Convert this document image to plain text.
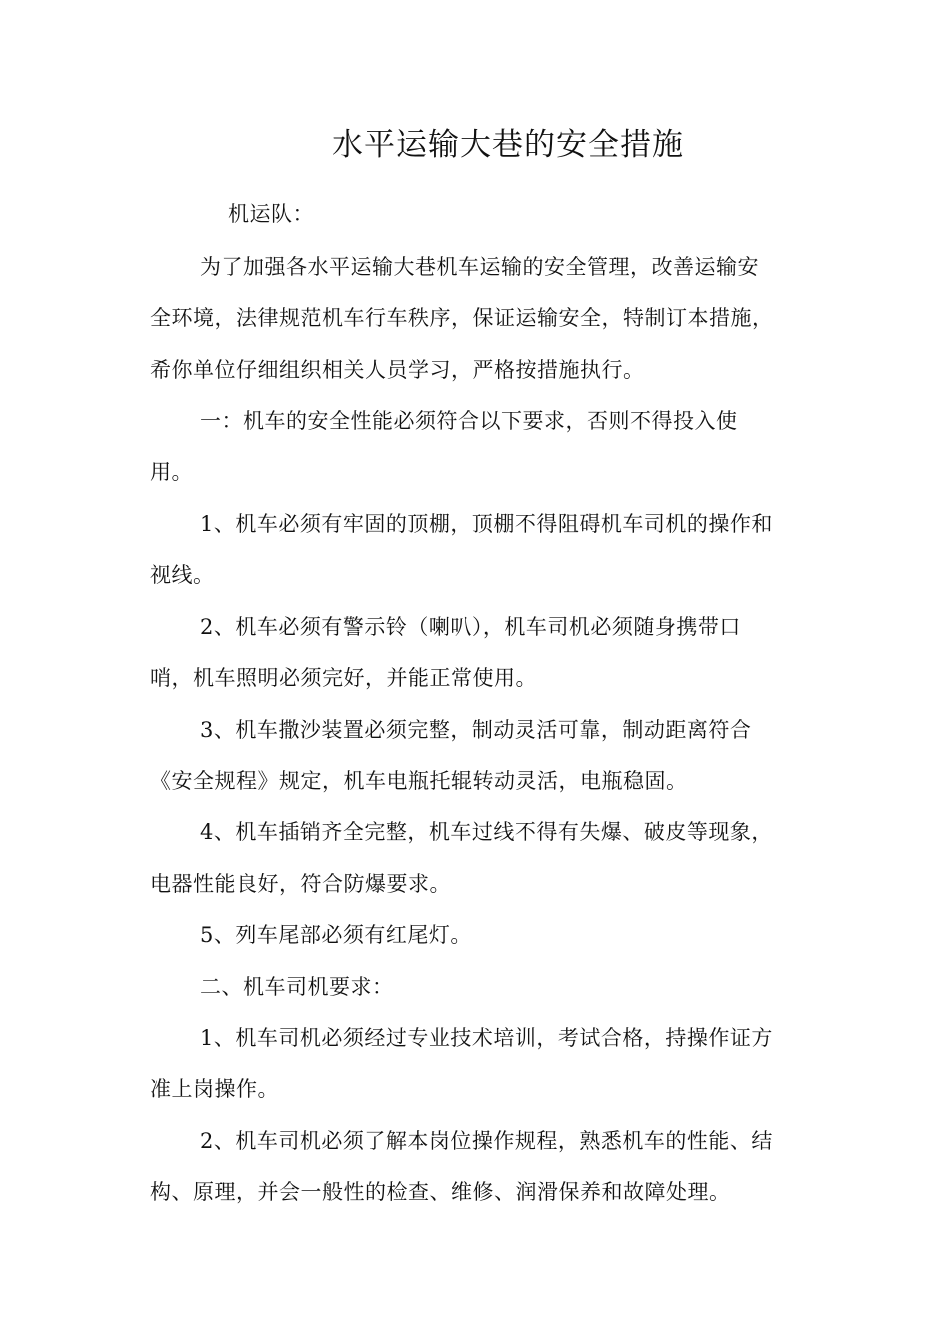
水平运输大巷的安全措施
机运队：
为了加强各水平运输大巷机车运输的安全管理，改善运输安
全环境，法律规范机车行车秩序，保证运输安全，特制订本措施，
希你单位仔细组织相关人员学习，严格按措施执行。
一：机车的安全性能必须符合以下要求，否则不得投入使
用。
1、机车必须有牢固的顶棚，顶棚不得阻碍机车司机的操作和
视线。
2、机车必须有警示铃（喇叭），机车司机必须随身携带口
哨，机车照明必须完好，并能正常使用。
3、机车撒沙装置必须完整，制动灵活可靠，制动距离符合
《安全规程》规定，机车电瓶托辊转动灵活，电瓶稳固。
4、机车插销齐全完整，机车过线不得有失爆、破皮等现象，
电器性能良好，符合防爆要求。
5、列车尾部必须有红尾灯。
二、机车司机要求：
1、机车司机必须经过专业技术培训，考试合格，持操作证方
准上岗操作。
2、机车司机必须了解本岗位操作规程，熟悉机车的性能、结
构、原理，并会一般性的检查、维修、润滑保养和故障处理。
